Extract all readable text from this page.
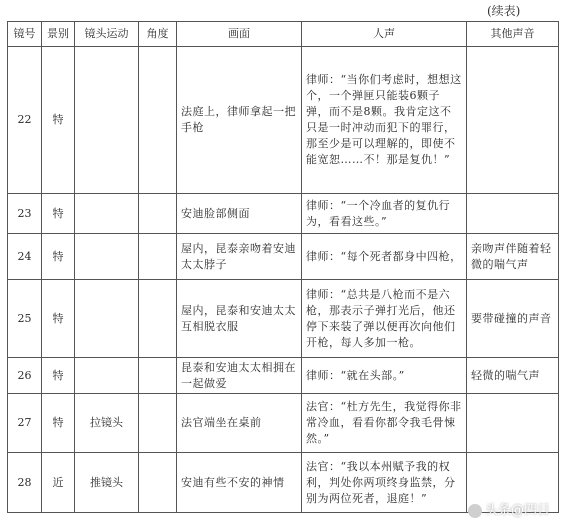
(续表)
镜号	景别	镜头运动	角度	画面	人声	其他声音
22	特			法庭上，律师拿起一把手枪	律师：“当你们考虑时，想想这个，一个弹匣只能装6颗子弹，而不是8颗。我肯定这不只是一时冲动而犯下的罪行，那至少是可以理解的，即使不能宽恕……不！那是复仇！”	
23	特			安迪脸部侧面	律师：“一个冷血者的复仇行为，看看这些。”	
24	特			屋内，昆泰亲吻着安迪太太脖子	律师：“每个死者都身中四枪，	亲吻声伴随着轻微的喘气声
25	特			屋内，昆泰和安迪太太互相脱衣服	律师：“总共是八枪而不是六枪，那表示子弹打光后，他还停下来装了弹以便再次向他们开枪，每人多加一枪。	要带碰撞的声音
26	特			昆泰和安迪太太相拥在一起做爱	律师：“就在头部。”	轻微的喘气声
27	特	拉镜头		法官端坐在桌前	法官：“杜方先生，我觉得你非常冷血，看看你都令我毛骨悚然。”	
28	近	推镜头		安迪有些不安的神情	法官：“我以本州赋予我的权利，判处你两项终身监禁，分别为两位死者，退庭！”	
头条@四日
